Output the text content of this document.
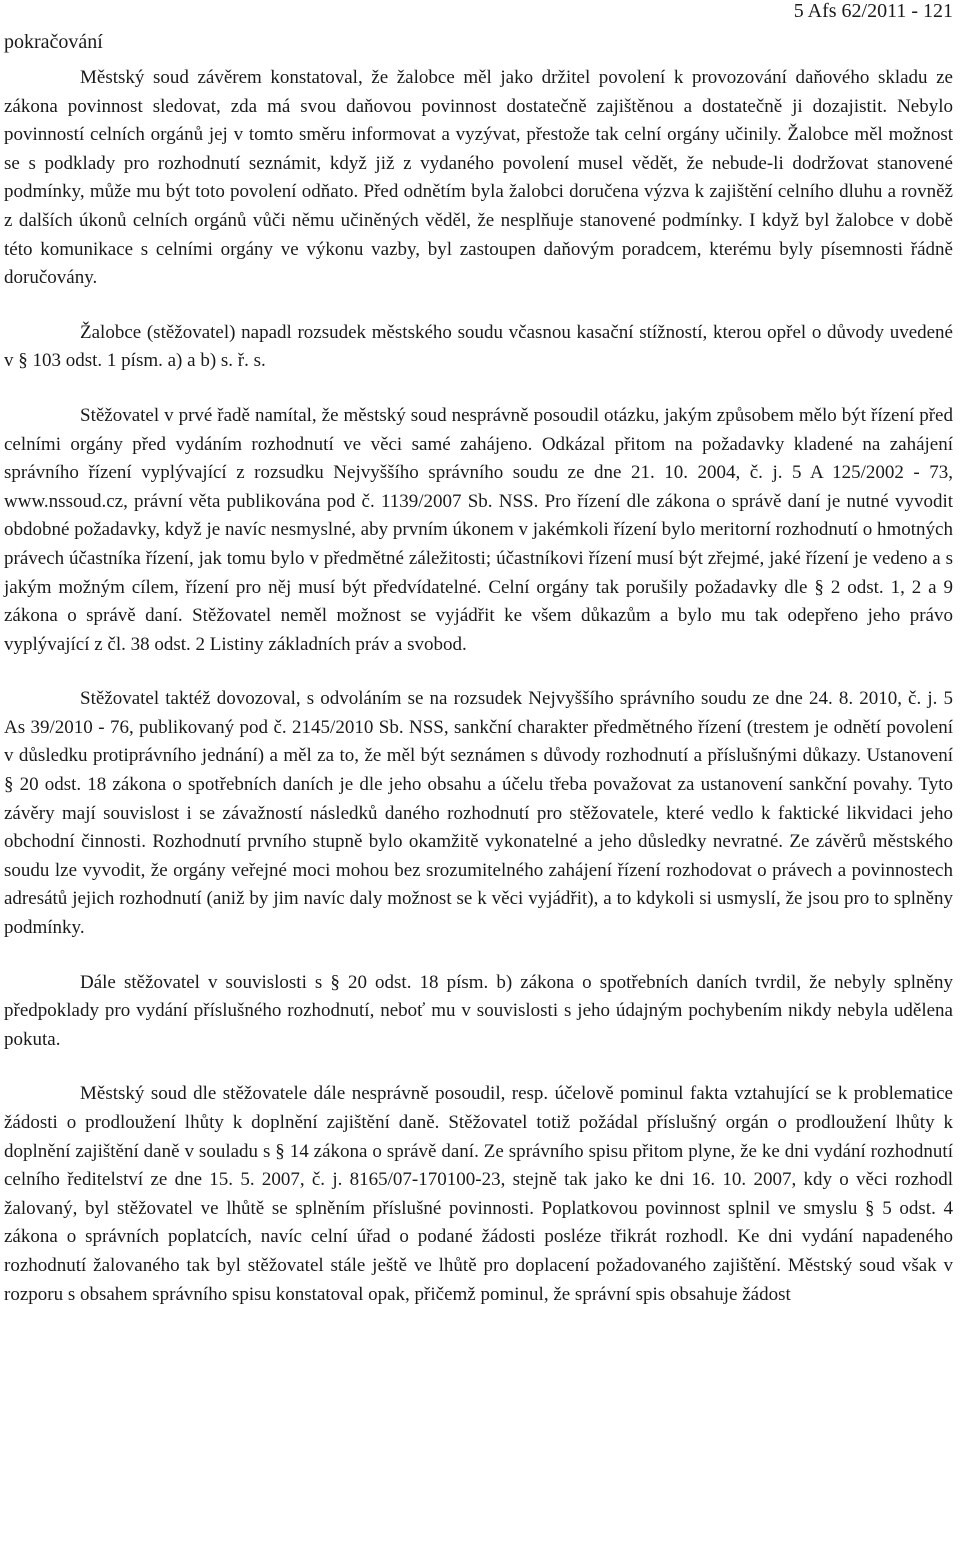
pokračování
5 Afs 62/2011 - 121

Městský soud závěrem konstatoval, že žalobce měl jako držitel povolení k provozování daňového skladu ze zákona povinnost sledovat, zda má svou daňovou povinnost dostatečně zajištěnou a dostatečně ji dozajistit. Nebylo povinností celních orgánů jej v tomto směru informovat a vyzývat, přestože tak celní orgány učinily. Žalobce měl možnost se s podklady pro rozhodnutí seznámit, když již z vydaného povolení musel vědět, že nebude-li dodržovat stanovené podmínky, může mu být toto povolení odňato. Před odnětím byla žalobci doručena výzva k zajištění celního dluhu a rovněž z dalších úkonů celních orgánů vůči němu učiněných věděl, že nesplňuje stanovené podmínky. I když byl žalobce v době této komunikace s celními orgány ve výkonu vazby, byl zastoupen daňovým poradcem, kterému byly písemnosti řádně doručovány.

Žalobce (stěžovatel) napadl rozsudek městského soudu včasnou kasační stížností, kterou opřel o důvody uvedené v § 103 odst. 1 písm. a) a b) s. ř. s.

Stěžovatel v prvé řadě namítal, že městský soud nesprávně posoudil otázku, jakým způsobem mělo být řízení před celními orgány před vydáním rozhodnutí ve věci samé zahájeno. Odkázal přitom na požadavky kladené na zahájení správního řízení vyplývající z rozsudku Nejvyššího správního soudu ze dne 21. 10. 2004, č. j. 5 A 125/2002 - 73, www.nssoud.cz, právní věta publikována pod č. 1139/2007 Sb. NSS. Pro řízení dle zákona o správě daní je nutné vyvodit obdobné požadavky, když je navíc nesmyslné, aby prvním úkonem v jakémkoli řízení bylo meritorní rozhodnutí o hmotných právech účastníka řízení, jak tomu bylo v předmětné záležitosti; účastníkovi řízení musí být zřejmé, jaké řízení je vedeno a s jakým možným cílem, řízení pro něj musí být předvídatelné. Celní orgány tak porušily požadavky dle § 2 odst. 1, 2 a 9 zákona o správě daní. Stěžovatel neměl možnost se vyjádřit ke všem důkazům a bylo mu tak odepřeno jeho právo vyplývající z čl. 38 odst. 2 Listiny základních práv a svobod.

Stěžovatel taktéž dovozoval, s odvoláním se na rozsudek Nejvyššího správního soudu ze dne 24. 8. 2010, č. j. 5 As 39/2010 - 76, publikovaný pod č. 2145/2010 Sb. NSS, sankční charakter předmětného řízení (trestem je odnětí povolení v důsledku protiprávního jednání) a měl za to, že měl být seznámen s důvody rozhodnutí a příslušnými důkazy. Ustanovení § 20 odst. 18 zákona o spotřebních daních je dle jeho obsahu a účelu třeba považovat za ustanovení sankční povahy. Tyto závěry mají souvislost i se závažností následků daného rozhodnutí pro stěžovatele, které vedlo k faktické likvidaci jeho obchodní činnosti. Rozhodnutí prvního stupně bylo okamžitě vykonatelné a jeho důsledky nevratné. Ze závěrů městského soudu lze vyvodit, že orgány veřejné moci mohou bez srozumitelného zahájení řízení rozhodovat o právech a povinnostech adresátů jejich rozhodnutí (aniž by jim navíc daly možnost se k věci vyjádřit), a to kdykoli si usmyslí, že jsou pro to splněny podmínky.

Dále stěžovatel v souvislosti s § 20 odst. 18 písm. b) zákona o spotřebních daních tvrdil, že nebyly splněny předpoklady pro vydání příslušného rozhodnutí, neboť mu v souvislosti s jeho údajným pochybením nikdy nebyla udělena pokuta.

Městský soud dle stěžovatele dále nesprávně posoudil, resp. účelově pominul fakta vztahující se k problematice žádosti o prodloužení lhůty k doplnění zajištění daně. Stěžovatel totiž požádal příslušný orgán o prodloužení lhůty k doplnění zajištění daně v souladu s § 14 zákona o správě daní. Ze správního spisu přitom plyne, že ke dni vydání rozhodnutí celního ředitelství ze dne 15. 5. 2007, č. j. 8165/07-170100-23, stejně tak jako ke dni 16. 10. 2007, kdy o věci rozhodl žalovaný, byl stěžovatel ve lhůtě se splněním příslušné povinnosti. Poplatkovou povinnost splnil ve smyslu § 5 odst. 4 zákona o správních poplatcích, navíc celní úřad o podané žádosti posléze třikrát rozhodl. Ke dni vydání napadeného rozhodnutí žalovaného tak byl stěžovatel stále ještě ve lhůtě pro doplacení požadovaného zajištění. Městský soud však v rozporu s obsahem správního spisu konstatoval opak, přičemž pominul, že správní spis obsahuje žádost
